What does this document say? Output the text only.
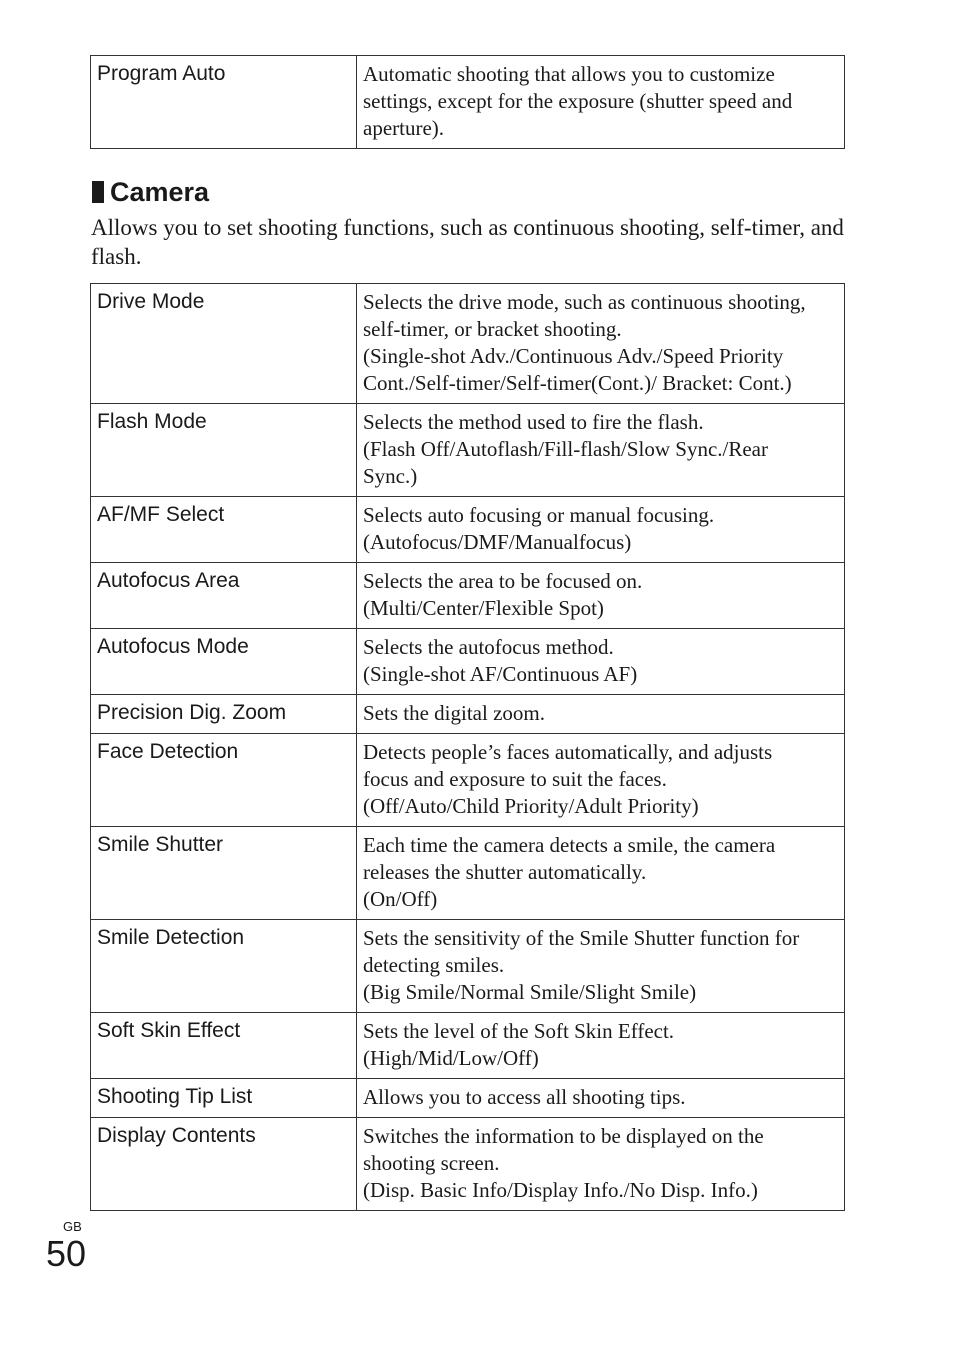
Program Auto	Automatic shooting that allows you to customize
settings, except for the exposure (shutter speed and
aperture).
Camera

Allows you to set shooting functions, such as continuous shooting, self-timer, and flash.

Drive Mode	Selects the drive mode, such as continuous shooting,
self-timer, or bracket shooting.
(Single-shot Adv./Continuous Adv./Speed Priority
Cont./Self-timer/Self-timer(Cont.)/ Bracket: Cont.)

Flash Mode	Selects the method used to fire the flash.
(Flash Off/Autoflash/Fill-flash/Slow Sync./Rear
Sync.)

AF/MF Select	Selects auto focusing or manual focusing.
(Autofocus/DMF/Manualfocus)

Autofocus Area	Selects the area to be focused on.
(Multi/Center/Flexible Spot)

Autofocus Mode	Selects the autofocus method.
(Single-shot AF/Continuous AF)

Precision Dig. Zoom	Sets the digital zoom.

Face Detection	Detects people’s faces automatically, and adjusts
focus and exposure to suit the faces.
(Off/Auto/Child Priority/Adult Priority)

Smile Shutter	Each time the camera detects a smile, the camera
releases the shutter automatically.
(On/Off)

Smile Detection	Sets the sensitivity of the Smile Shutter function for
detecting smiles.
(Big Smile/Normal Smile/Slight Smile)

Soft Skin Effect	Sets the level of the Soft Skin Effect.
(High/Mid/Low/Off)

Shooting Tip List	Allows you to access all shooting tips.

Display Contents	Switches the information to be displayed on the
shooting screen.
(Disp. Basic Info/Display Info./No Disp. Info.)
GB
50
